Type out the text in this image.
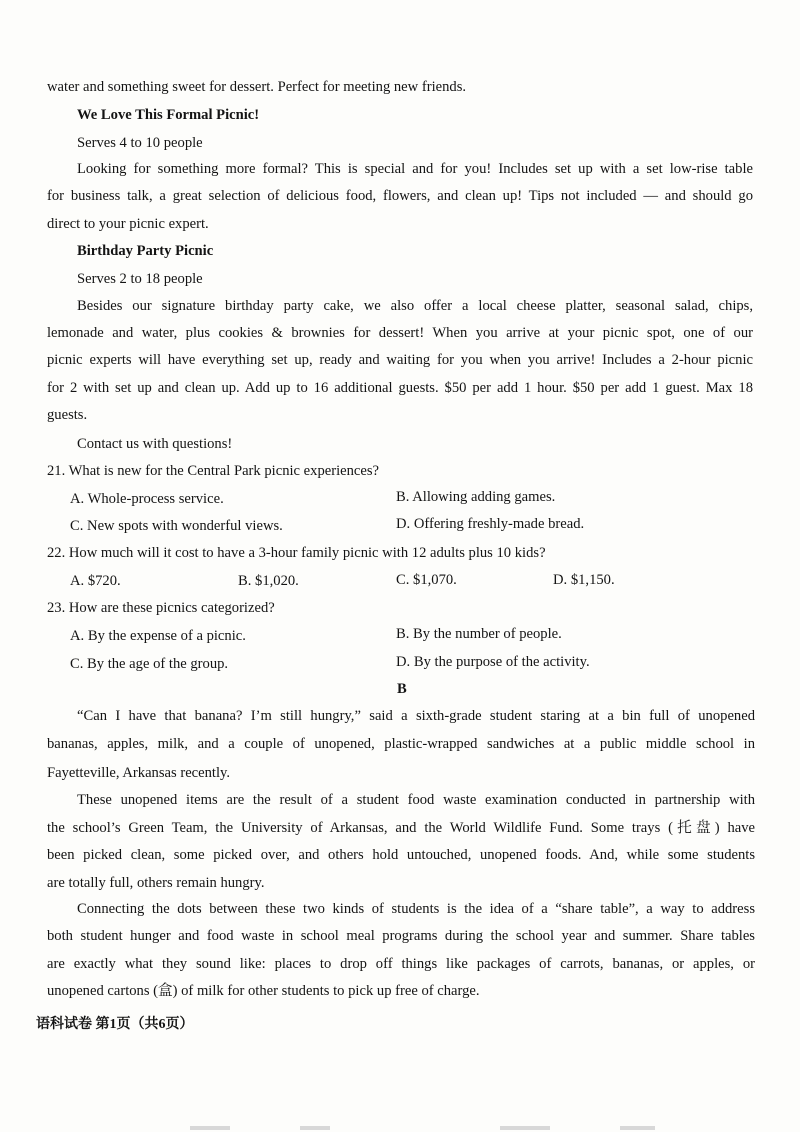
water and something sweet for dessert. Perfect for meeting new friends.
We Love This Formal Picnic!
Serves 4 to 10 people
Looking for something more formal? This is special and for you! Includes set up with a set low-rise table
for business talk, a great selection of delicious food, flowers, and clean up! Tips not included — and should go
direct to your picnic expert.
Birthday Party Picnic
Serves 2 to 18 people
Besides our signature birthday party cake, we also offer a local cheese platter, seasonal salad, chips,
lemonade and water, plus cookies & brownies for dessert! When you arrive at your picnic spot, one of our
picnic experts will have everything set up, ready and waiting for you when you arrive! Includes a 2-hour picnic
for 2 with set up and clean up. Add up to 16 additional guests. $50 per add 1 hour. $50 per add 1 guest. Max 18
guests.
Contact us with questions!
21. What is new for the Central Park picnic experiences?
A. Whole-process service.	B. Allowing adding games.
C. New spots with wonderful views.	D. Offering freshly-made bread.
22. How much will it cost to have a 3-hour family picnic with 12 adults plus 10 kids?
A. $720.	B. $1,020.	C. $1,070.	D. $1,150.
23. How are these picnics categorized?
A. By the expense of a picnic.	B. By the number of people.
C. By the age of the group.	D. By the purpose of the activity.
B
“Can I have that banana? I’m still hungry,” said a sixth-grade student staring at a bin full of unopened
bananas, apples, milk, and a couple of unopened, plastic-wrapped sandwiches at a public middle school in
Fayetteville, Arkansas recently.
These unopened items are the result of a student food waste examination conducted in partnership with
the school’s Green Team, the University of Arkansas, and the World Wildlife Fund. Some trays (托盘) have
been picked clean, some picked over, and others hold untouched, unopened foods. And, while some students
are totally full, others remain hungry.
Connecting the dots between these two kinds of students is the idea of a “share table”, a way to address
both student hunger and food waste in school meal programs during the school year and summer. Share tables
are exactly what they sound like: places to drop off things like packages of carrots, bananas, or apples, or
unopened cartons (盒) of milk for other students to pick up free of charge.
语科试卷 第1页（共6页）
